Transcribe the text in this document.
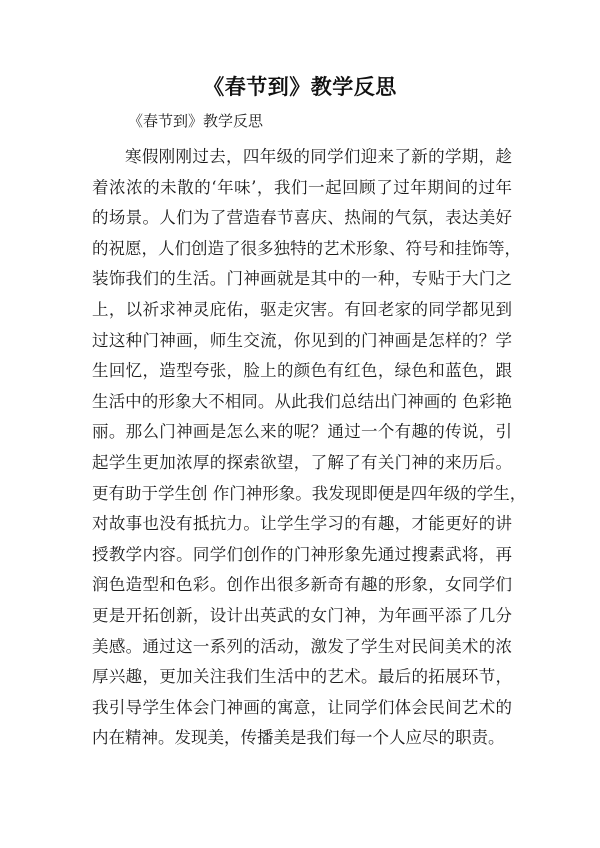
《春节到》教学反思
《春节到》教学反思
寒假刚刚过去，四年级的同学们迎来了新的学期，趁
着浓浓的未散的‘年味’，我们一起回顾了过年期间的过年
的场景。人们为了营造春节喜庆、热闹的气氛，表达美好
的祝愿，人们创造了很多独特的艺术形象、符号和挂饰等，
装饰我们的生活。门神画就是其中的一种，专贴于大门之
上，以祈求神灵庇佑，驱走灾害。有回老家的同学都见到
过这种门神画，师生交流，你见到的门神画是怎样的？学
生回忆，造型夸张，脸上的颜色有红色，绿色和蓝色，跟
生活中的形象大不相同。从此我们总结出门神画的 色彩艳
丽。那么门神画是怎么来的呢？通过一个有趣的传说，引
起学生更加浓厚的探索欲望，了解了有关门神的来历后。
更有助于学生创 作门神形象。我发现即便是四年级的学生，
对故事也没有抵抗力。让学生学习的有趣，才能更好的讲
授教学内容。同学们创作的门神形象先通过搜素武将，再
润色造型和色彩。创作出很多新奇有趣的形象，女同学们
更是开拓创新，设计出英武的女门神，为年画平添了几分
美感。通过这一系列的活动，激发了学生对民间美术的浓
厚兴趣，更加关注我们生活中的艺术。最后的拓展环节，
我引导学生体会门神画的寓意，让同学们体会民间艺术的
内在精神。发现美，传播美是我们每一个人应尽的职责。
